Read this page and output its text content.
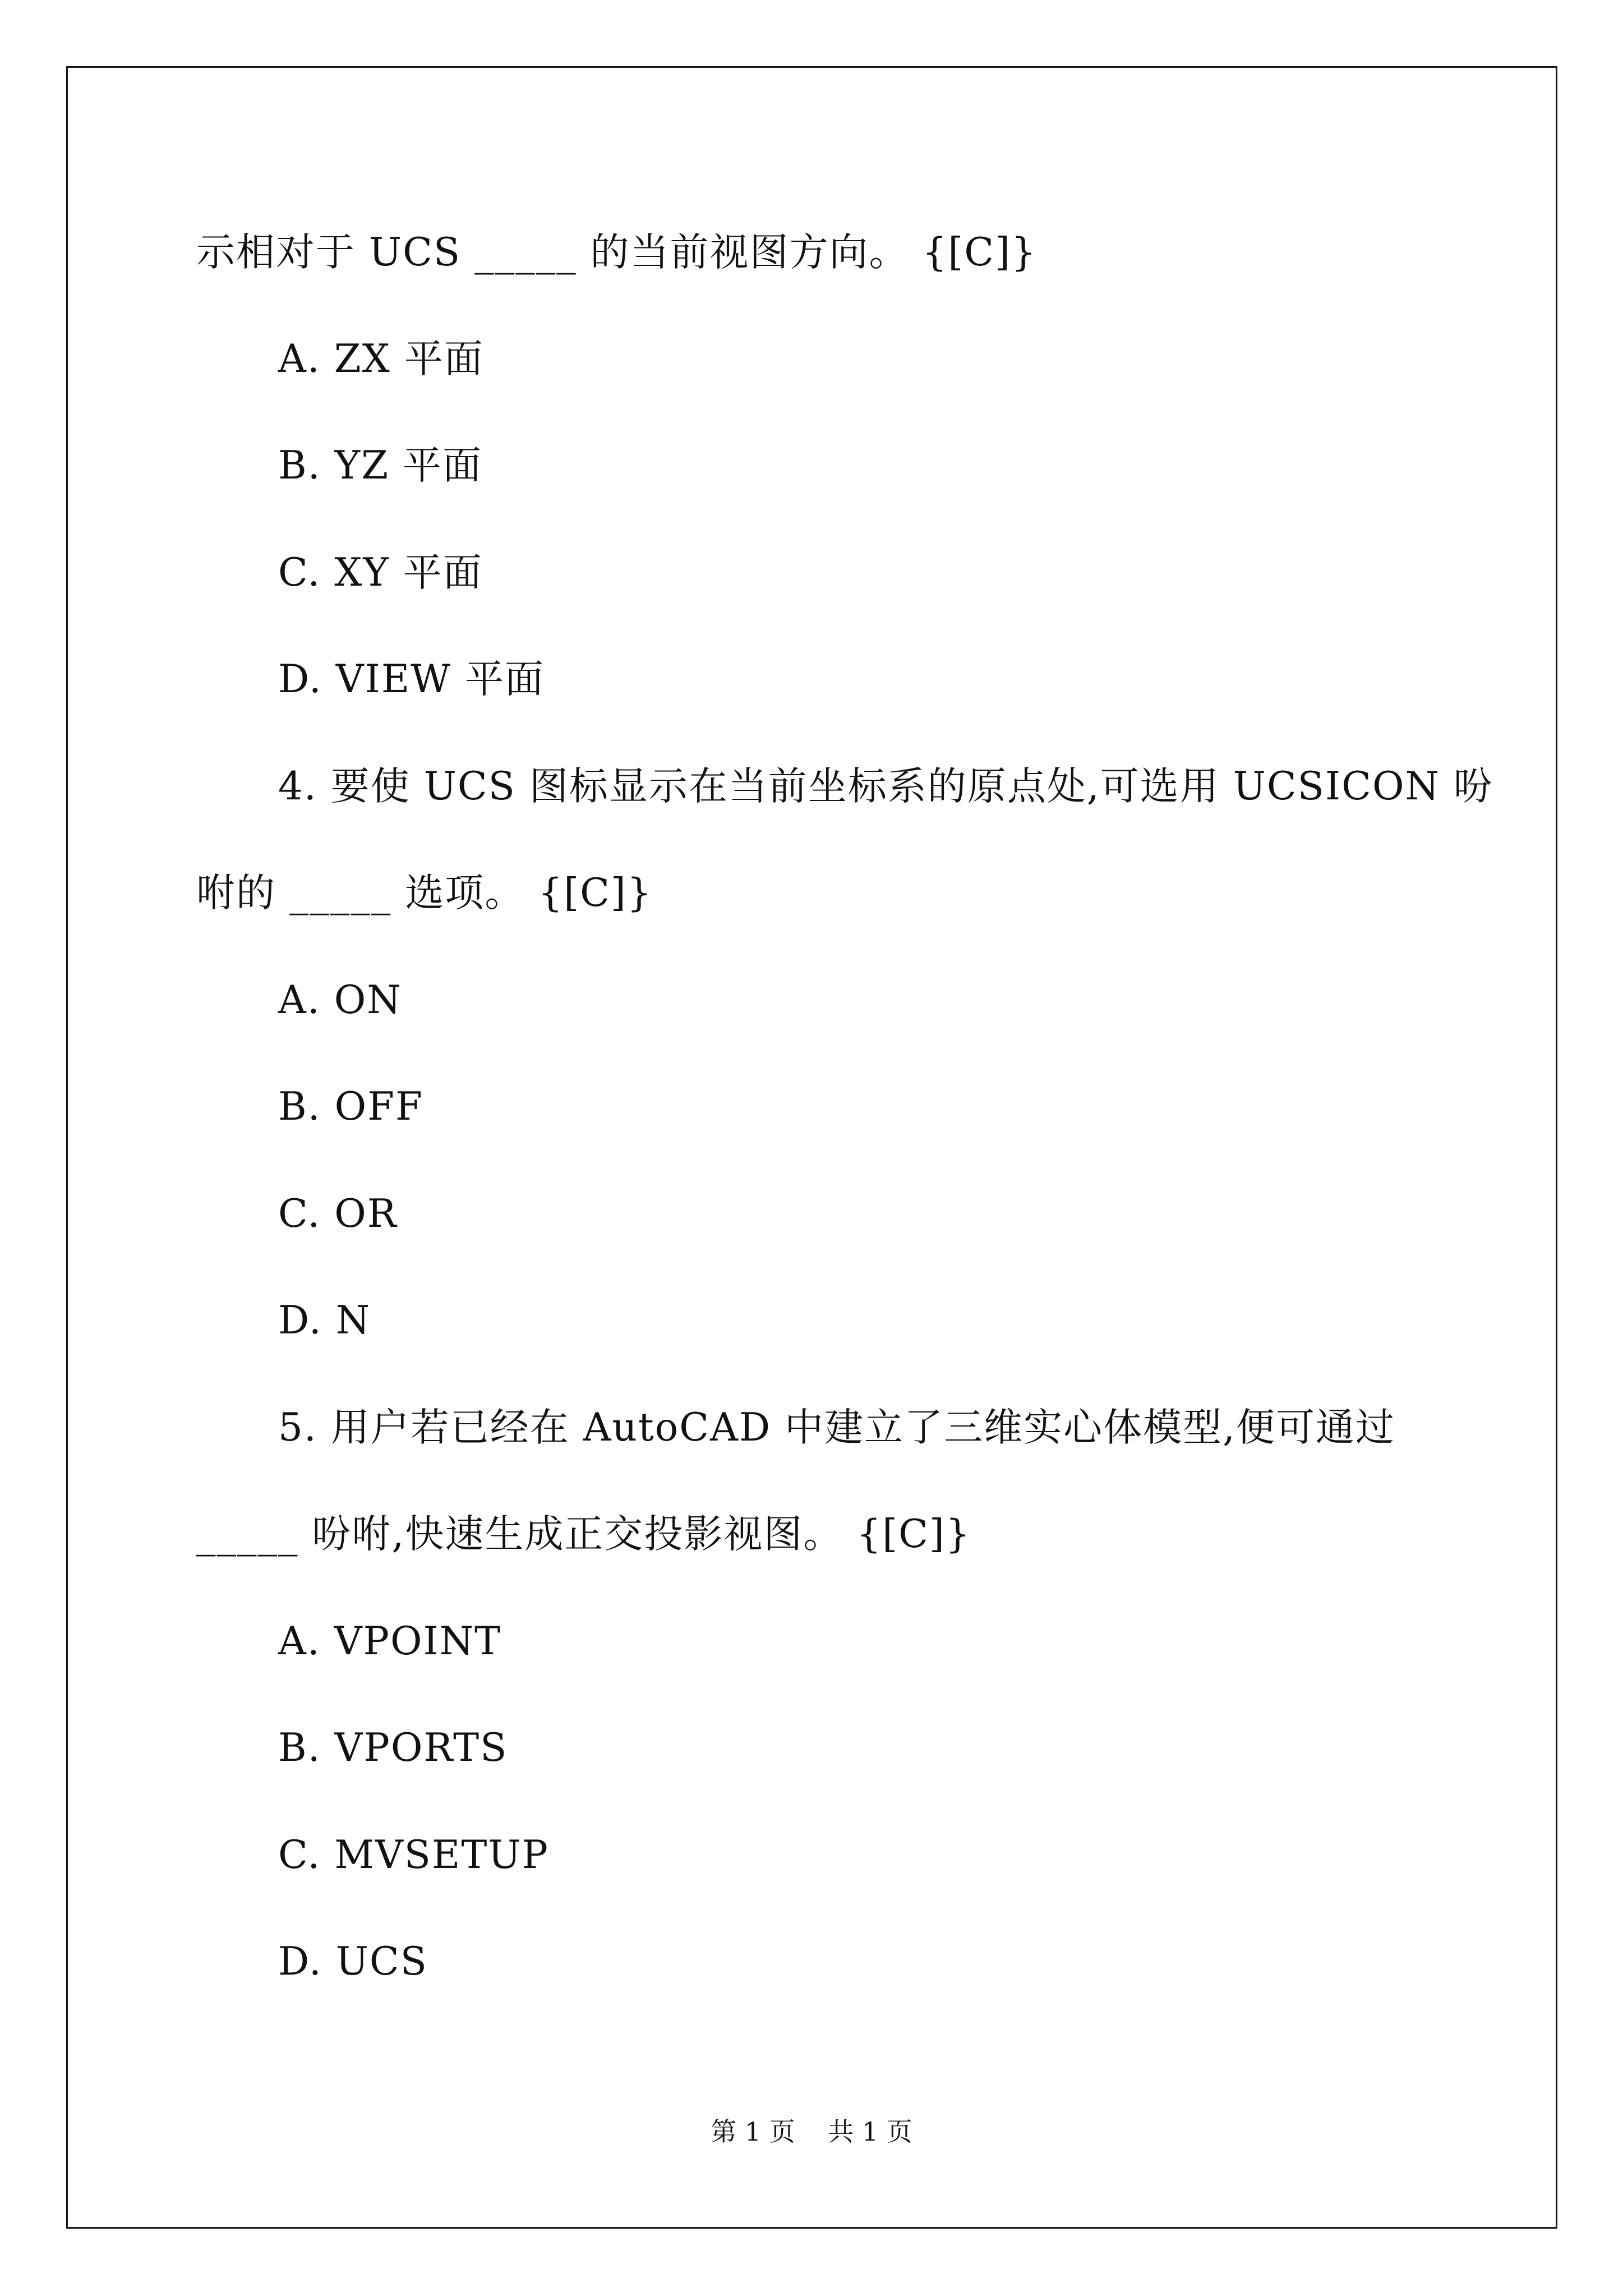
示相对于 UCS _____ 的当前视图方向。 {[C]}
A. ZX 平面
B. YZ 平面
C. XY 平面
D. VIEW 平面
4. 要使 UCS 图标显示在当前坐标系的原点处,可选用 UCSICON 吩
咐的 _____ 选项。 {[C]}
A. ON
B. OFF
C. OR
D. N
5. 用户若已经在 AutoCAD 中建立了三维实心体模型,便可通过
_____ 吩咐,快速生成正交投影视图。 {[C]}
A. VPOINT
B. VPORTS
C. MVSETUP
D. UCS
第 1 页    共 1 页
